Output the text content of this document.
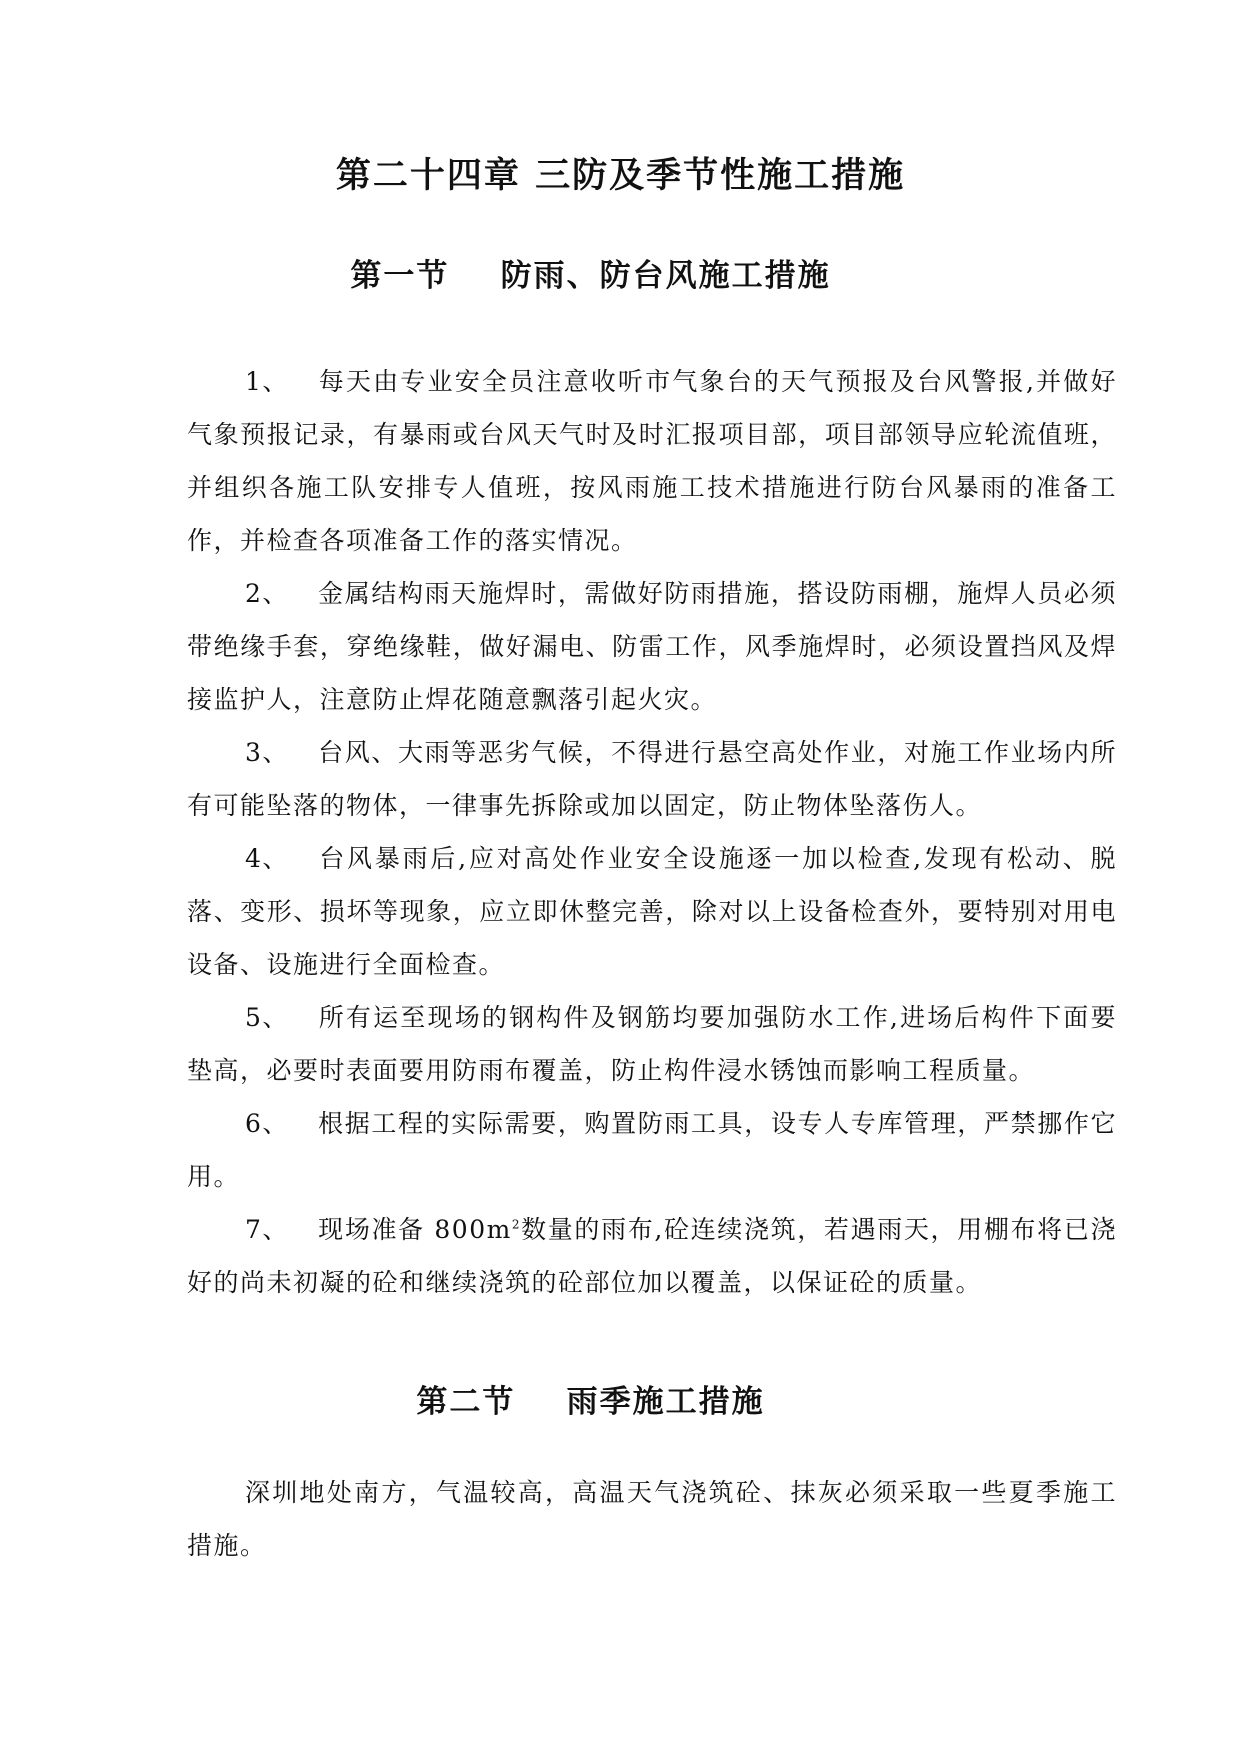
第二十四章 三防及季节性施工措施
第一节    防雨、防台风施工措施

1、 每天由专业安全员注意收听市气象台的天气预报及台风警报,并做好气象预报记录，有暴雨或台风天气时及时汇报项目部，项目部领导应轮流值班，并组织各施工队安排专人值班，按风雨施工技术措施进行防台风暴雨的准备工作，并检查各项准备工作的落实情况。

2、 金属结构雨天施焊时，需做好防雨措施，搭设防雨棚，施焊人员必须带绝缘手套，穿绝缘鞋，做好漏电、防雷工作，风季施焊时，必须设置挡风及焊接监护人，注意防止焊花随意飘落引起火灾。

3、 台风、大雨等恶劣气候，不得进行悬空高处作业，对施工作业场内所有可能坠落的物体，一律事先拆除或加以固定，防止物体坠落伤人。

4、 台风暴雨后,应对高处作业安全设施逐一加以检查,发现有松动、脱落、变形、损坏等现象，应立即休整完善，除对以上设备检查外，要特别对用电设备、设施进行全面检查。

5、 所有运至现场的钢构件及钢筋均要加强防水工作,进场后构件下面要垫高，必要时表面要用防雨布覆盖，防止构件浸水锈蚀而影响工程质量。

6、 根据工程的实际需要，购置防雨工具，设专人专库管理，严禁挪作它用。

7、 现场准备 $800m^2$数量的雨布,砼连续浇筑，若遇雨天，用棚布将已浇好的尚未初凝的砼和继续浇筑的砼部位加以覆盖，以保证砼的质量。

第二节    雨季施工措施

深圳地处南方，气温较高，高温天气浇筑砼、抹灰必须采取一些夏季施工措施。
